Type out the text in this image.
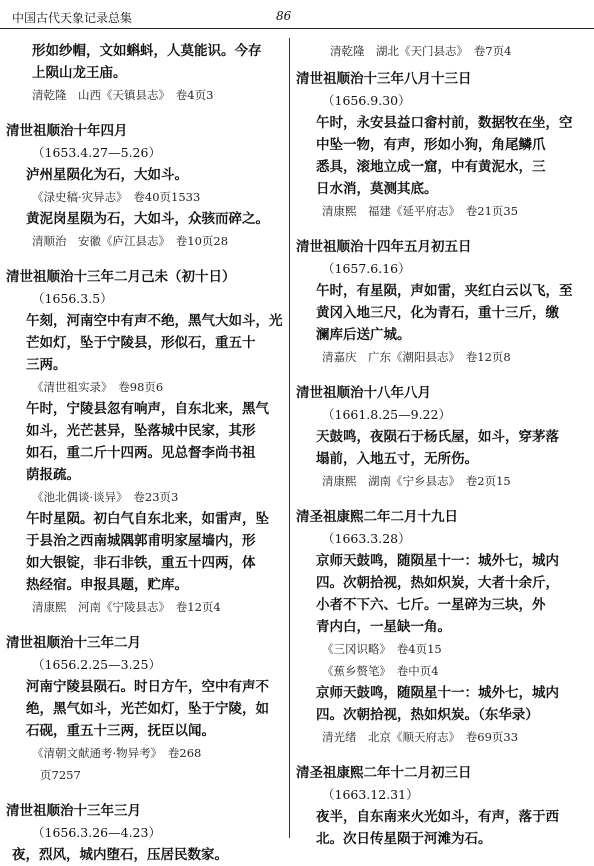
中国古代天象记录总集	86
形如纱帽，文如蝌蚪，人莫能识。今存
上陨山龙王庙。
清乾隆　山西《天镇县志》　卷4页3
清世祖顺治十年四月
（1653.4.27—5.26）
泸州星陨化为石，大如斗。
《渌史稿·灾异志》　卷40页1533
黄泥岗星陨为石，大如斗，众骇而碎之。
清顺治　安徽《庐江县志》　卷10页28
清世祖顺治十三年二月己未（初十日）
（1656.3.5）
午刻，河南空中有声不绝，黑气大如斗，光
芒如灯，坠于宁陵县，形似石，重五十
三两。
《清世祖实录》　卷98页6
午时，宁陵县忽有响声，自东北来，黑气
如斗，光芒甚异，坠落城中民家，其形
如石，重二斤十四两。见总督李尚书祖
荫报疏。
《池北偶谈·谈异》　卷23页3
午时星陨。初白气自东北来，如雷声，坠
于县治之西南城隅郭甫明家屋墙内，形
如大银锭，非石非铁，重五十四两，体
热经宿。申报具题，贮库。
清康熙　河南《宁陵县志》　卷12页4
清世祖顺治十三年二月
（1656.2.25—3.25）
河南宁陵县陨石。时日方午，空中有声不
绝，黑气如斗，光芒如灯，坠于宁陵，如
石砚，重五十三两，抚臣以闻。
《清朝文献通考·物异考》　卷268
页7257
清世祖顺治十三年三月
（1656.3.26—4.23）
夜，烈风，城内堕石，压居民数家。
清乾隆　湖北《天门县志》　卷7页4
清世祖顺治十三年八月十三日
（1656.9.30）
午时，永安县益口畲村前，数据牧在坐，空
中坠一物，有声，形如小狗，角尾鳞爪
悉具，滚地立成一窟，中有黄泥水，三
日水消，莫测其底。
清康熙　福建《延平府志》　卷21页35
清世祖顺治十四年五月初五日
（1657.6.16）
午时，有星陨，声如雷，夹红白云以飞，至
黄冈入地三尺，化为青石，重十三斤，缴
澜库后送广城。
清嘉庆　广东《潮阳县志》　卷12页8
清世祖顺治十八年八月
（1661.8.25—9.22）
天鼓鸣，夜陨石于杨氏屋，如斗，穿茅落
塌前，入地五寸，无所伤。
清康熙　湖南《宁乡县志》　卷2页15
清圣祖康熙二年二月十九日
（1663.3.28）
京师天鼓鸣，随陨星十一：城外七，城内
四。次朝拾视，热如炽炭，大者十余斤，
小者不下六、七斤。一星碎为三块，外
青内白，一星缺一角。
《三冈识略》　卷4页15
《蕉乡赘笔》　卷中页4
京师天鼓鸣，随陨星十一：城外七，城内
四。次朝拾视，热如炽炭。（东华录）
清光绪　北京《顺天府志》　卷69页33
清圣祖康熙二年十二月初三日
（1663.12.31）
夜半，自东南来火光如斗，有声，落于西
北。次日传星陨于河滩为石。
